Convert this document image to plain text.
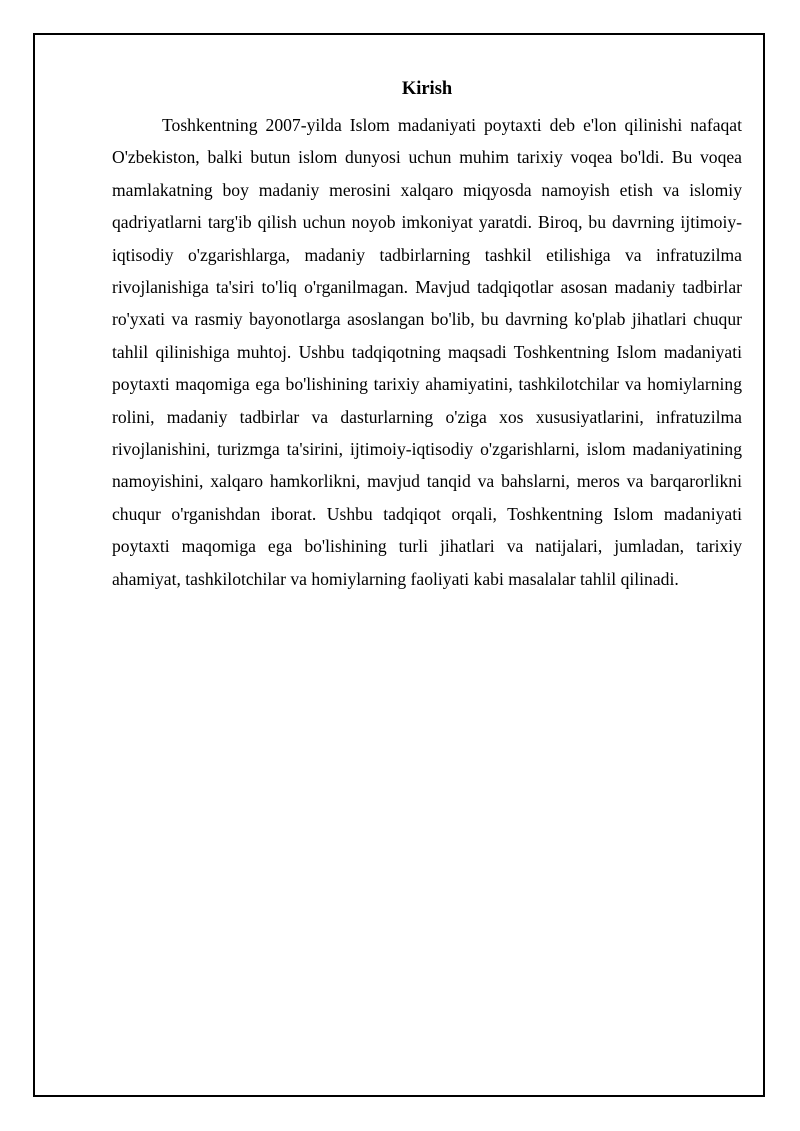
Kirish

Toshkentning 2007-yilda Islom madaniyati poytaxti deb e'lon qilinishi nafaqat O'zbekiston, balki butun islom dunyosi uchun muhim tarixiy voqea bo'ldi. Bu voqea mamlakatning boy madaniy merosini xalqaro miqyosda namoyish etish va islomiy qadriyatlarni targ'ib qilish uchun noyob imkoniyat yaratdi. Biroq, bu davrning ijtimoiy-iqtisodiy o'zgarishlarga, madaniy tadbirlarning tashkil etilishiga va infratuzilma rivojlanishiga ta'siri to'liq o'rganilmagan. Mavjud tadqiqotlar asosan madaniy tadbirlar ro'yxati va rasmiy bayonotlarga asoslangan bo'lib, bu davrning ko'plab jihatlari chuqur tahlil qilinishiga muhtoj. Ushbu tadqiqotning maqsadi Toshkentning Islom madaniyati poytaxti maqomiga ega bo'lishining tarixiy ahamiyatini, tashkilotchilar va homiylarning rolini, madaniy tadbirlar va dasturlarning o'ziga xos xususiyatlarini, infratuzilma rivojlanishini, turizmga ta'sirini, ijtimoiy-iqtisodiy o'zgarishlarni, islom madaniyatining namoyishini, xalqaro hamkorlikni, mavjud tanqid va bahslarni, meros va barqarorlikni chuqur o'rganishdan iborat. Ushbu tadqiqot orqali, Toshkentning Islom madaniyati poytaxti maqomiga ega bo'lishining turli jihatlari va natijalari, jumladan, tarixiy ahamiyat, tashkilotchilar va homiylarning faoliyati kabi masalalar tahlil qilinadi.
